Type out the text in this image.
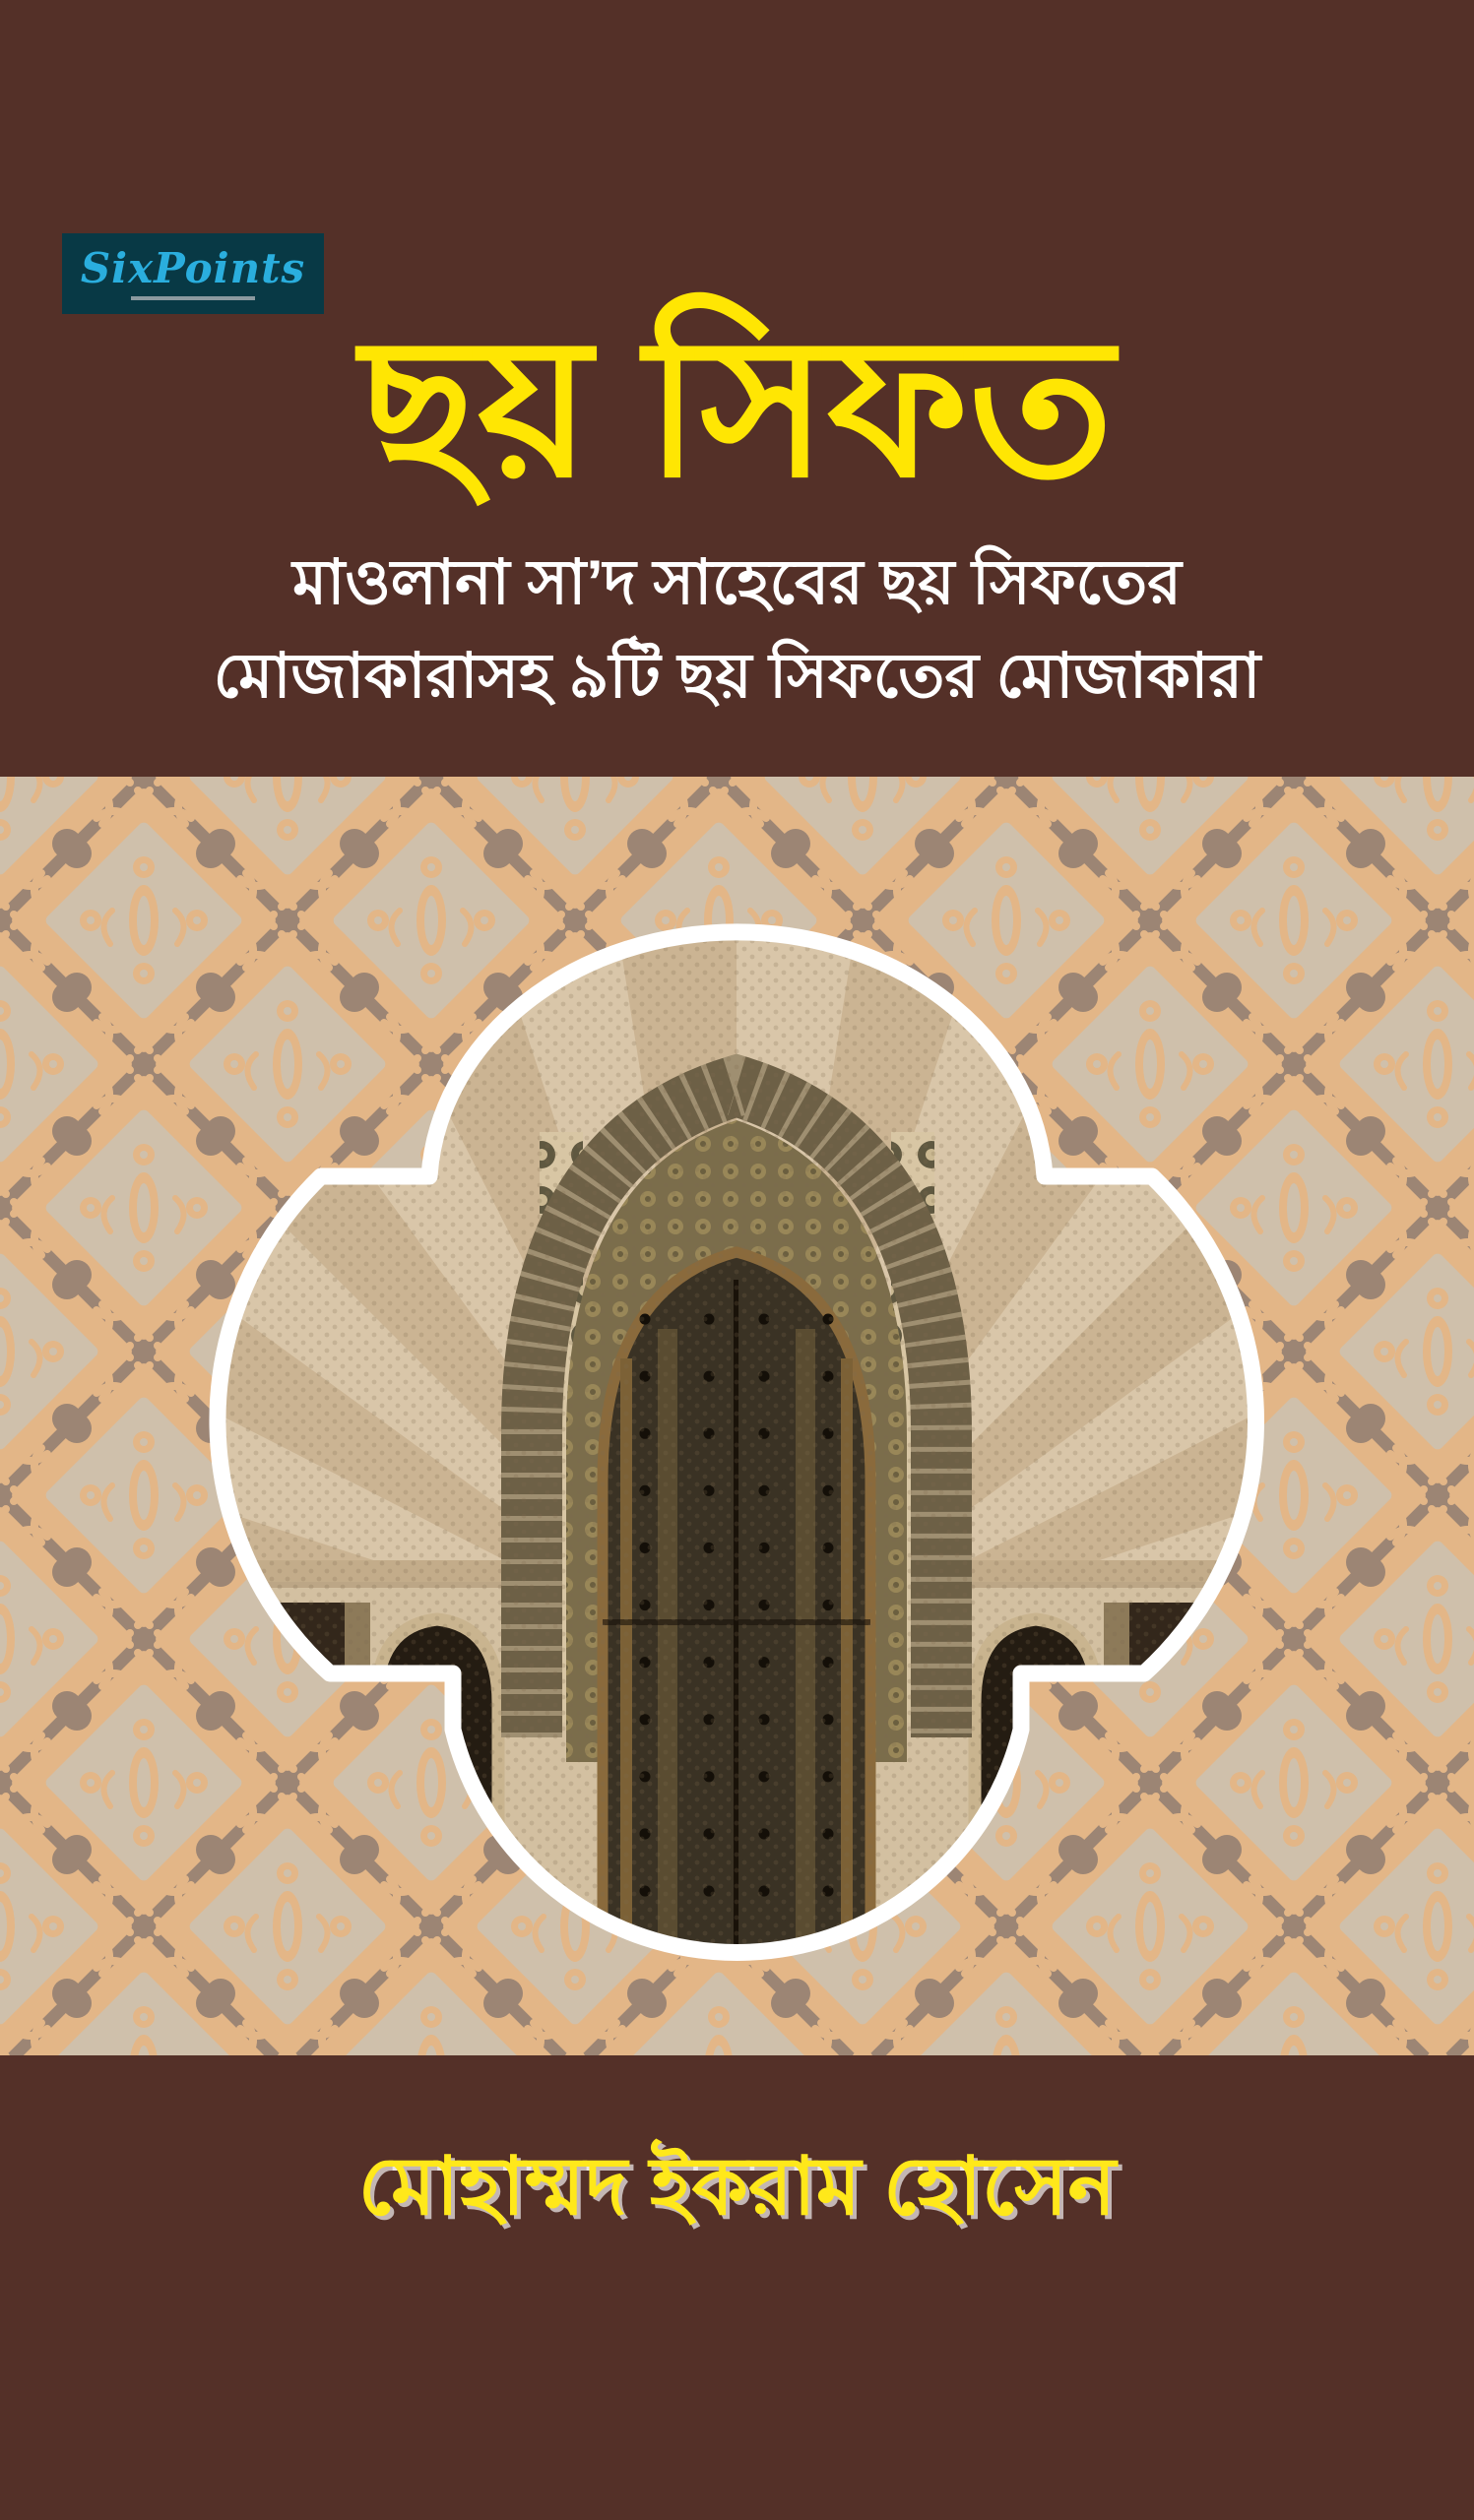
SixPoints
ছয় সিফত
মাওলানা সা’দ সাহেবের ছয় সিফতের
মোজাকারাসহ ৯টি ছয় সিফতের মোজাকারা
মোহাম্মদ ইকরাম হোসেন
